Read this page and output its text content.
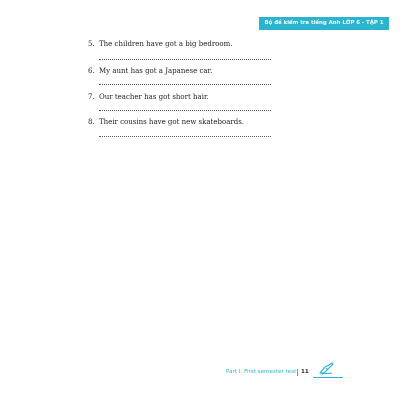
Bộ đề kiểm tra tiếng Anh LỚP 6 - TẬP 1
5. The children have got a big bedroom.
6. My aunt has got a Japanese car.
7. Our teacher has got short hair.
8. Their cousins have got new skateboards.
Part I: First semester test 11
